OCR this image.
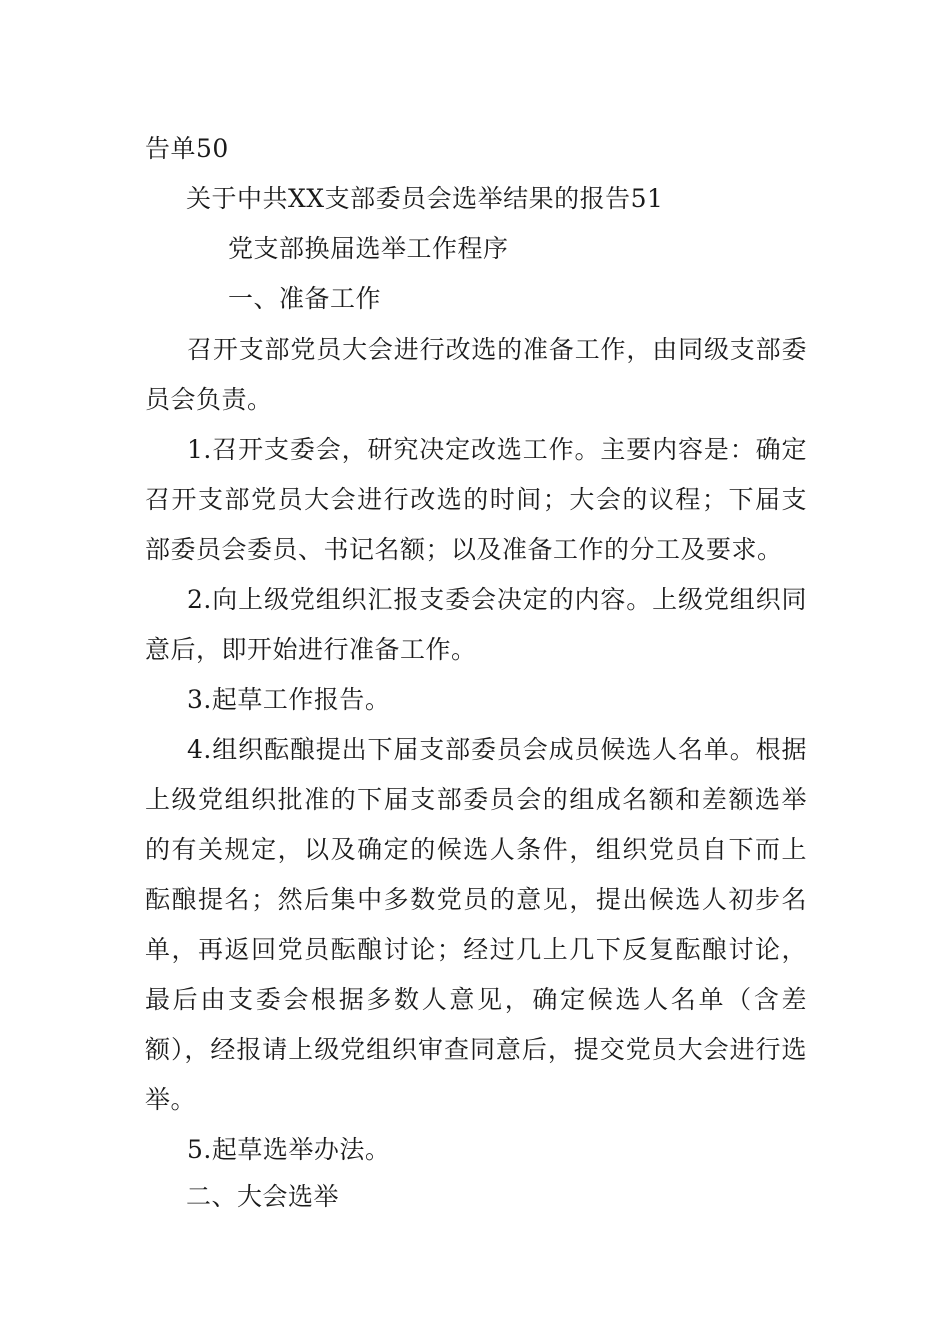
告单50
关于中共XX支部委员会选举结果的报告51
党支部换届选举工作程序
一、准备工作
召开支部党员大会进行改选的准备工作，由同级支部委员会负责。
1.召开支委会，研究决定改选工作。主要内容是：确定召开支部党员大会进行改选的时间；大会的议程；下届支部委员会委员、书记名额；以及准备工作的分工及要求。
2.向上级党组织汇报支委会决定的内容。上级党组织同意后，即开始进行准备工作。
3.起草工作报告。
4.组织酝酿提出下届支部委员会成员候选人名单。根据上级党组织批准的下届支部委员会的组成名额和差额选举的有关规定，以及确定的候选人条件，组织党员自下而上酝酿提名；然后集中多数党员的意见，提出候选人初步名单，再返回党员酝酿讨论；经过几上几下反复酝酿讨论，最后由支委会根据多数人意见，确定候选人名单（含差额），经报请上级党组织审查同意后，提交党员大会进行选举。
5.起草选举办法。
二、大会选举
